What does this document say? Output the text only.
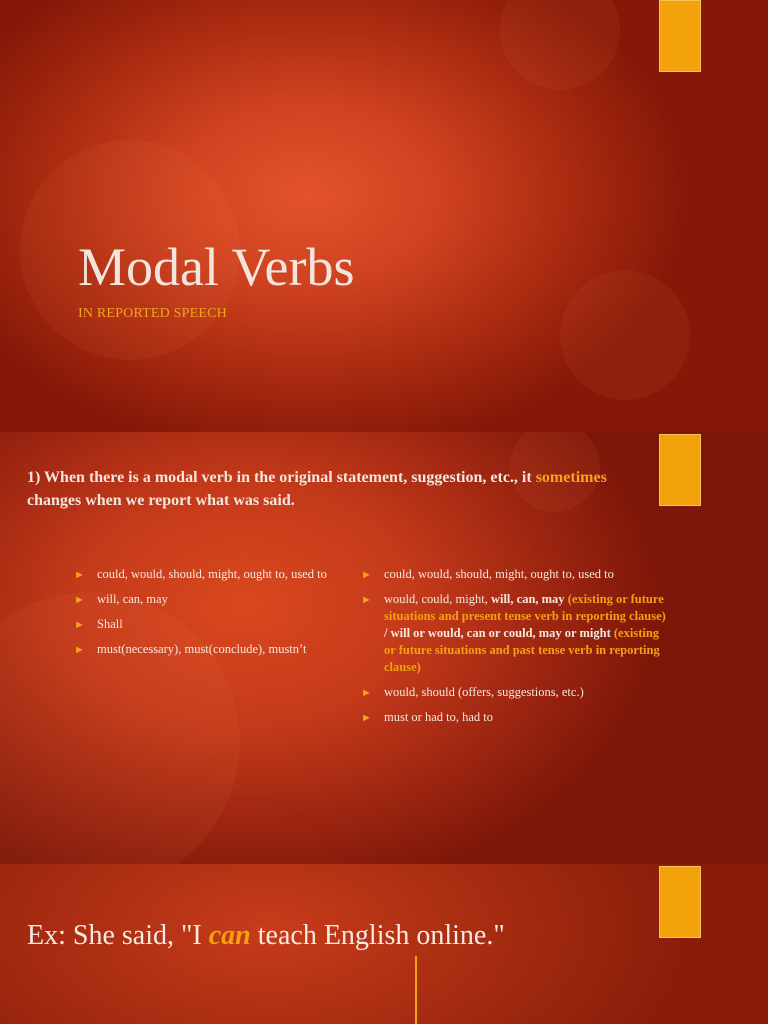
Modal Verbs

IN REPORTED SPEECH

1) When there is a modal verb in the original statement, suggestion, etc., it sometimes changes when we report what was said.

► could, would, should, might, ought to, used to
► will, can, may
► Shall
► must(necessary), must(conclude), mustn’t
► could, would, should, might, ought to, used to
► would, could, might, will, can, may (existing or future situations and present tense verb in reporting clause) / will or would, can or could, may or might (existing or future situations and past tense verb in reporting clause)
► would, should (offers, suggestions, etc.)
► must or had to, had to

Ex: She said, "I can teach English online."
